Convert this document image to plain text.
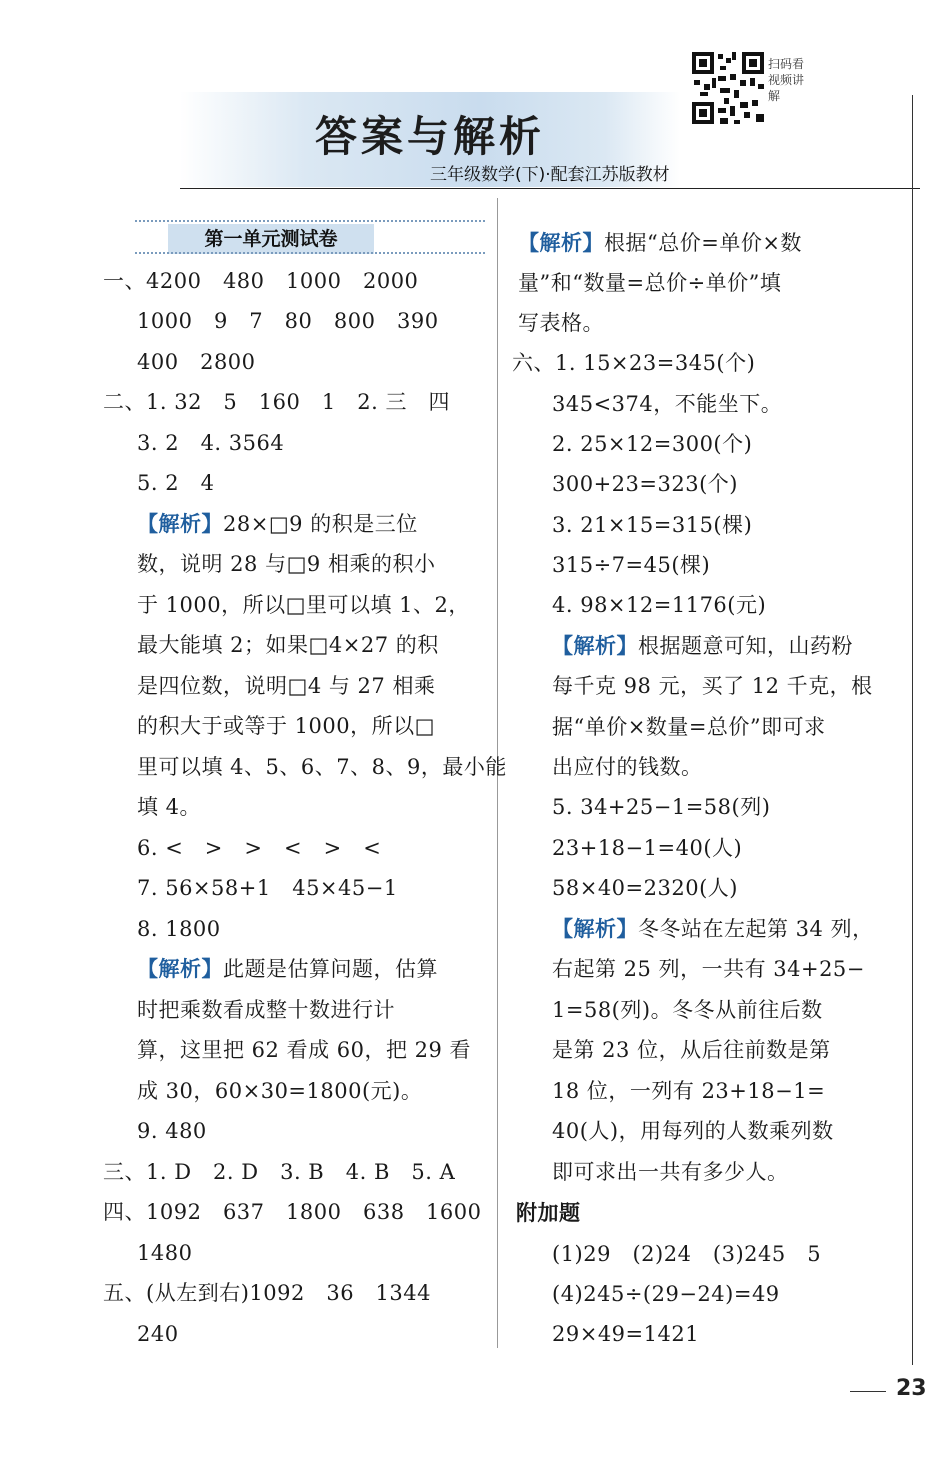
答案与解析
三年级数学(下)·配套江苏版教材
扫码看视频讲解
第一单元测试卷
一、4200　480　1000　2000
1000　9　7　80　800　390
400　2800
二、1. 32　5　160　1　2. 三　四
3. 2　4. 3564
5. 2　4
【解析】28×□9 的积是三位
数，说明 28 与□9 相乘的积小
于 1000，所以□里可以填 1、2，
最大能填 2；如果□4×27 的积
是四位数，说明□4 与 27 相乘
的积大于或等于 1000，所以□
里可以填 4、5、6、7、8、9，最小能
填 4。
6. <　>　>　<　>　<
7. 56×58+1　45×45−1
8. 1800
【解析】此题是估算问题，估算
时把乘数看成整十数进行计
算，这里把 62 看成 60，把 29 看
成 30，60×30=1800(元)。
9. 480
三、1. D　2. D　3. B　4. B　5. A
四、1092　637　1800　638　1600
1480
五、(从左到右)1092　36　1344
240
【解析】根据“总价=单价×数
量”和“数量=总价÷单价”填
写表格。
六、1. 15×23=345(个)
345<374，不能坐下。
2. 25×12=300(个)
300+23=323(个)
3. 21×15=315(棵)
315÷7=45(棵)
4. 98×12=1176(元)
【解析】根据题意可知，山药粉
每千克 98 元，买了 12 千克，根
据“单价×数量=总价”即可求
出应付的钱数。
5. 34+25−1=58(列)
23+18−1=40(人)
58×40=2320(人)
【解析】冬冬站在左起第 34 列，
右起第 25 列，一共有 34+25−
1=58(列)。冬冬从前往后数
是第 23 位，从后往前数是第
18 位，一列有 23+18−1=
40(人)，用每列的人数乘列数
即可求出一共有多少人。
附加题
(1)29　(2)24　(3)245　5
(4)245÷(29−24)=49
29×49=1421
23
